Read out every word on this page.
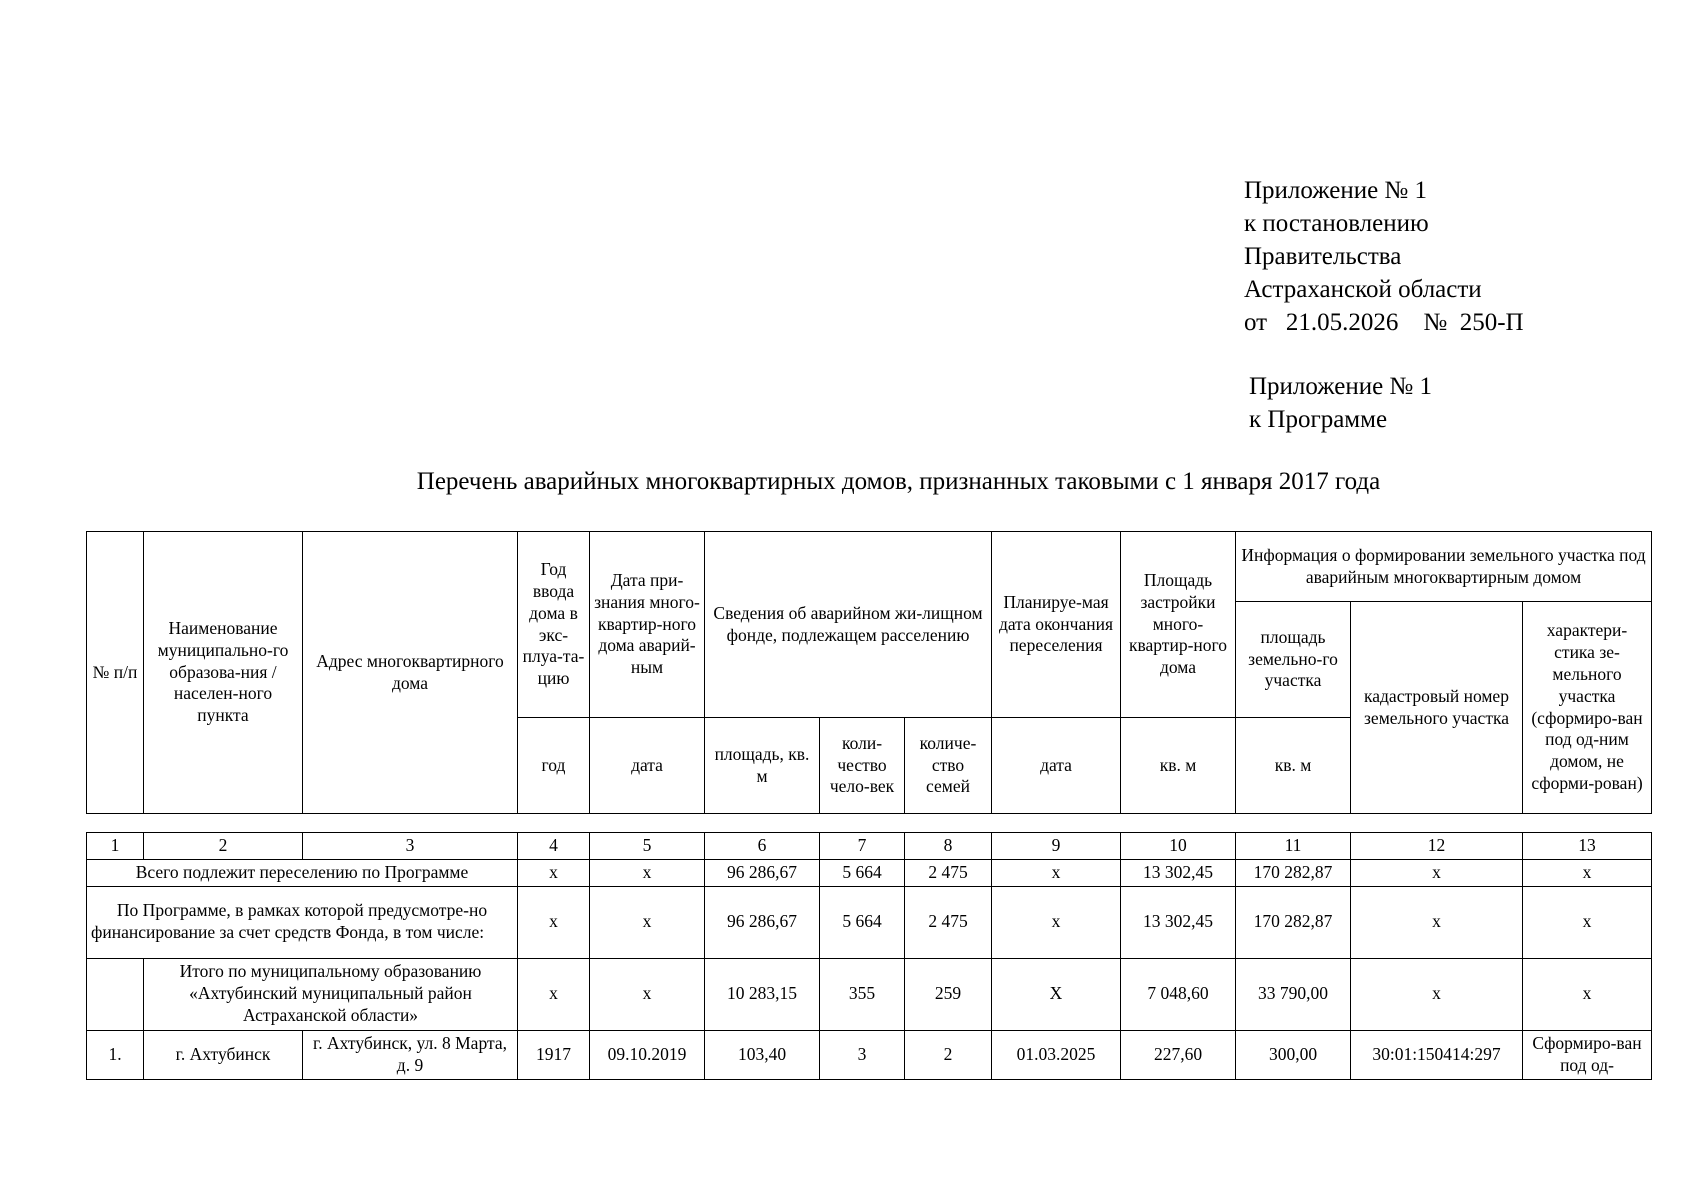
Приложение № 1
к постановлению
Правительства
Астраханской области
от   21.05.2026    №  250-П
Приложение № 1
к Программе
Перечень аварийных многоквартирных домов, признанных таковыми с 1 января 2017 года
№ п/п	Наименование муниципально-го образова-ния / населен-ного пункта	Адрес многоквартирного дома	Год ввода дома в экс-плуа-та-цию	Дата при-знания много-квартир-ного дома аварий-ным	Сведения об аварийном жи-лищном фонде, подлежащем расселению			Планируе-мая дата окончания переселения	Площадь застройки много-квартир-ного дома	Информация о формировании земельного участка под аварийным многоквартирным домом		
										площадь земельно-го участка	кадастровый номер земельного участка	характери-стика зе-мельного участка (сформиро-ван под од-ним домом, не сформи-рован)
			год	дата	площадь, кв. м	коли-чество чело-век	количе-ство семей	дата	кв. м	кв. м		
1	2	3	4	5	6	7	8	9	10	11	12	13
Всего подлежит переселению по Программе			х	х	96 286,67	5 664	2 475	х	13 302,45	170 282,87	х	х
По Программе, в рамках которой предусмотре-но финансирование за счет средств Фонда, в том числе:			х	х	96 286,67	5 664	2 475	х	13 302,45	170 282,87	х	х
	Итого по муниципальному образованию «Ахтубинский муниципальный район Астраханской области»		х	х	10 283,15	355	259	Х	7 048,60	33 790,00	х	х
1.	г. Ахтубинск	г. Ахтубинск, ул. 8 Марта, д. 9	1917	09.10.2019	103,40	3	2	01.03.2025	227,60	300,00	30:01:150414:297	Сформиро-ван под од-
